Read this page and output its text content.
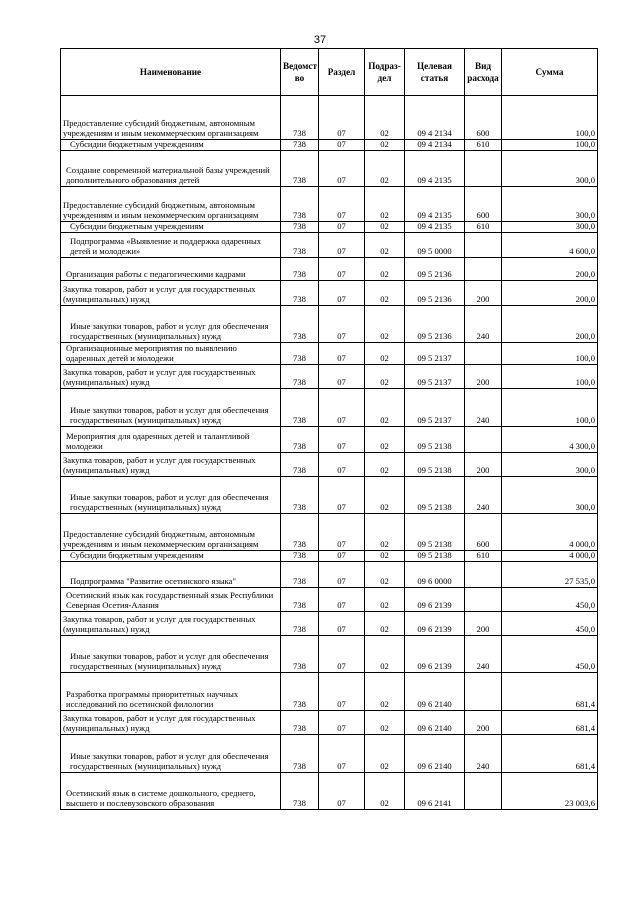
37
Наименование	Ведомст во	Раздел	Подраз- дел	Целевая статья	Вид расхода	Сумма
Предоставление субсидий бюджетным, автономным учреждениям и иным некоммерческим организациям	738	07	02	09 4 2134	600	100,0
Субсидии бюджетным учреждениям	738	07	02	09 4 2134	610	100,0
Создание современной материальной базы учреждений дополнительного образования детей	738	07	02	09 4 2135		300,0
Предоставление субсидий бюджетным, автономным учреждениям и иным некоммерческим организациям	738	07	02	09 4 2135	600	300,0
Субсидии бюджетным учреждениям	738	07	02	09 4 2135	610	300,0
Подпрограмма «Выявление и поддержка одаренных детей и молодежи»	738	07	02	09 5 0000		4 600,0
Организация работы с педагогическими кадрами	738	07	02	09 5 2136		200,0
Закупка товаров, работ и услуг для государственных (муниципальных) нужд	738	07	02	09 5 2136	200	200,0
Иные закупки товаров, работ и услуг для обеспечения государственных (муниципальных) нужд	738	07	02	09 5 2136	240	200,0
Организационные мероприятия по выявлению одаренных детей и молодежи	738	07	02	09 5 2137		100,0
Закупка товаров, работ и услуг для государственных (муниципальных) нужд	738	07	02	09 5 2137	200	100,0
Иные закупки товаров, работ и услуг для обеспечения государственных (муниципальных) нужд	738	07	02	09 5 2137	240	100,0
Мероприятия для одаренных детей и талантливой молодежи	738	07	02	09 5 2138		4 300,0
Закупка товаров, работ и услуг для государственных (муниципальных) нужд	738	07	02	09 5 2138	200	300,0
Иные закупки товаров, работ и услуг для обеспечения государственных (муниципальных) нужд	738	07	02	09 5 2138	240	300,0
Предоставление субсидий бюджетным, автономным учреждениям и иным некоммерческим организациям	738	07	02	09 5 2138	600	4 000,0
Субсидии бюджетным учреждениям	738	07	02	09 5 2138	610	4 000,0
Подпрограмма "Развитие осетинского языка"	738	07	02	09 6 0000		27 535,0
Осетинский язык как государственный язык Республики Северная Осетия-Алания	738	07	02	09 6 2139		450,0
Закупка товаров, работ и услуг для государственных (муниципальных) нужд	738	07	02	09 6 2139	200	450,0
Иные закупки товаров, работ и услуг для обеспечения государственных (муниципальных) нужд	738	07	02	09 6 2139	240	450,0
Разработка программы приоритетных научных исследований по осетинской филологии	738	07	02	09 6 2140		681,4
Закупка товаров, работ и услуг для государственных (муниципальных) нужд	738	07	02	09 6 2140	200	681,4
Иные закупки товаров, работ и услуг для обеспечения государственных (муниципальных) нужд	738	07	02	09 6 2140	240	681,4
Осетинский язык в системе дошкольного, среднего, высшего и послевузовского образования	738	07	02	09 6 2141		23 003,6
